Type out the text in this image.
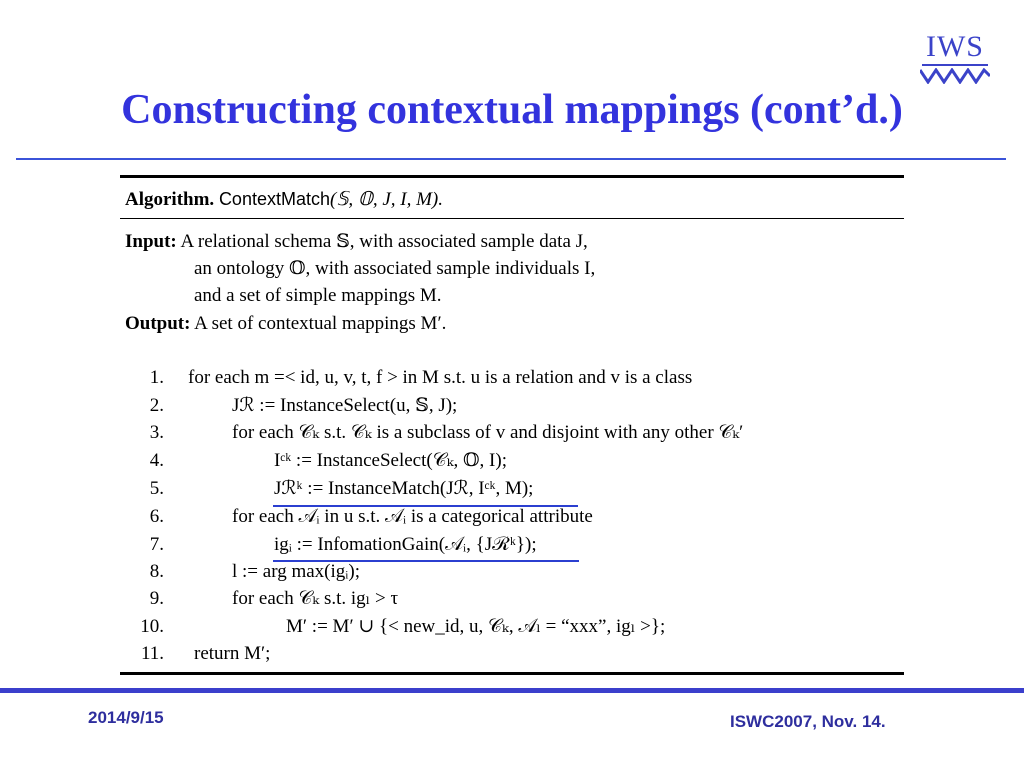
IWS
Constructing contextual mappings (cont’d.)
Algorithm. ContextMatch(𝕊, 𝕆, J, I, M).
Input: A relational schema 𝕊, with associated sample data J,
an ontology 𝕆, with associated sample individuals I,
and a set of simple mappings M.
Output: A set of contextual mappings M′.
1. for each m =< id, u, v, t, f > in M s.t. u is a relation and v is a class
2.	Jℛ := InstanceSelect(u, 𝕊, J);
3.	for each 𝒞ₖ s.t. 𝒞ₖ is a subclass of v and disjoint with any other 𝒞ₖ′
4.	Iᶜᵏ := InstanceSelect(𝒞ₖ, 𝕆, I);
5.	Jℛᵏ := InstanceMatch(Jℛ, Iᶜᵏ, M);
6.	for each 𝒜ᵢ in u s.t. 𝒜ᵢ is a categorical attribute
7.	igᵢ := InfomationGain(𝒜ᵢ, {Jℛᵏ});
8.	l := arg max(igᵢ);
9.	for each 𝒞ₖ s.t. igₗ > τ
10.	M′ := M′ ∪ {< new_id, u, 𝒞ₖ, 𝒜ₗ = “xxx”, igₗ >};
11. return M′;
2014/9/15	ISWC2007, Nov. 14.
